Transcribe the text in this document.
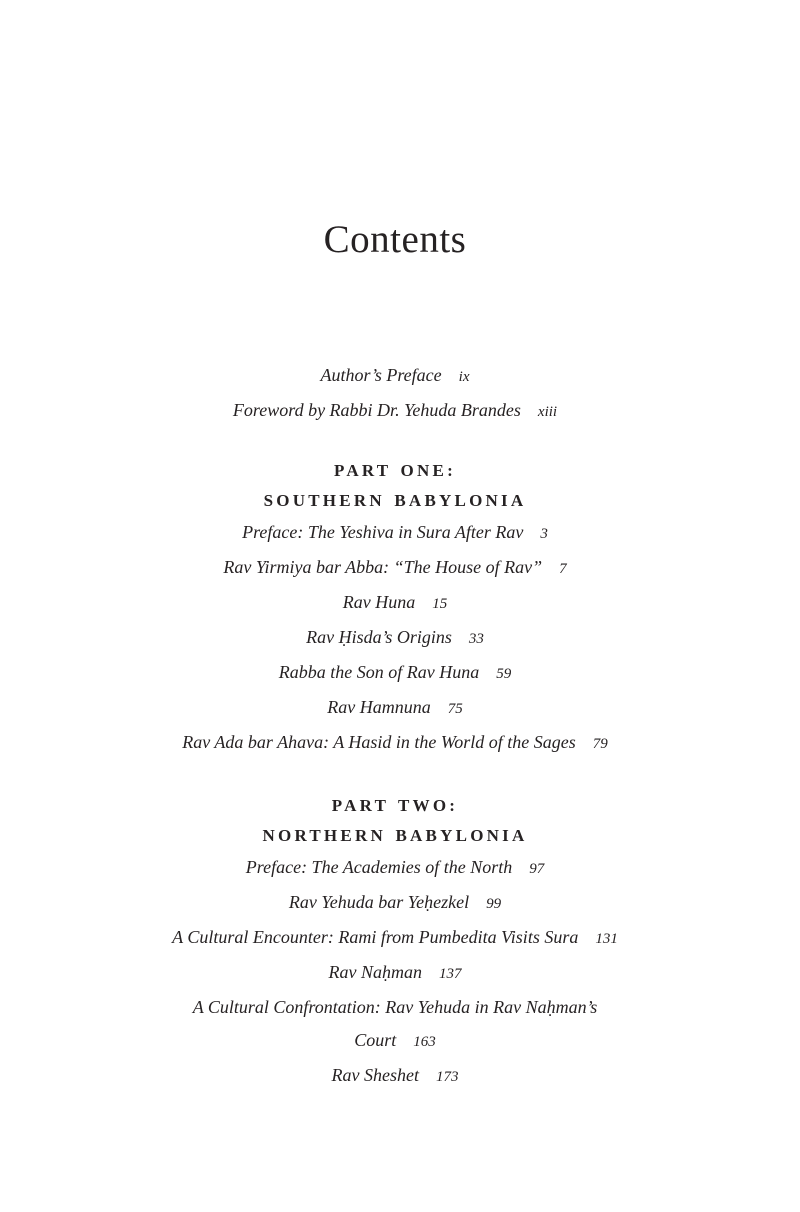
Contents
Author’s Preface ix
Foreword by Rabbi Dr. Yehuda Brandes xiii
PART ONE:
SOUTHERN BABYLONIA
Preface: The Yeshiva in Sura After Rav 3
Rav Yirmiya bar Abba: “The House of Rav” 7
Rav Huna 15
Rav Ḥisda’s Origins 33
Rabba the Son of Rav Huna 59
Rav Hamnuna 75
Rav Ada bar Ahava: A Hasid in the World of the Sages 79
PART TWO:
NORTHERN BABYLONIA
Preface: The Academies of the North 97
Rav Yehuda bar Yeḥezkel 99
A Cultural Encounter: Rami from Pumbedita Visits Sura 131
Rav Naḥman 137
A Cultural Confrontation: Rav Yehuda in Rav Naḥman’s Court 163
Rav Sheshet 173
